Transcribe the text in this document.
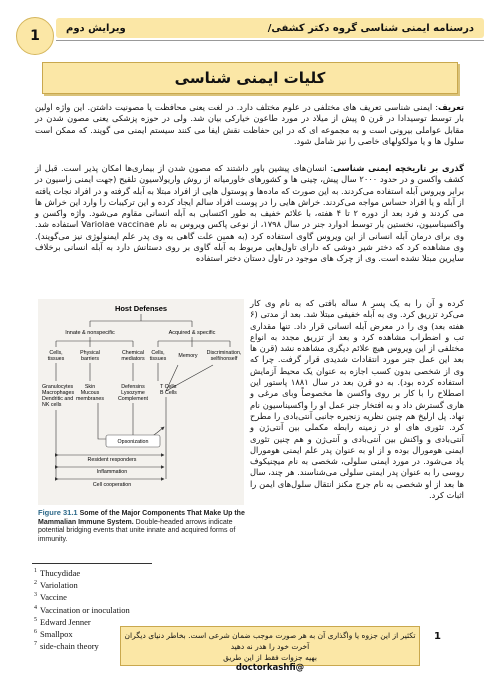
1	درسنامه ایمنی شناسی گروه دکتر کشفی/
ویرایش دوم
کلیات ایمنی شناسی
تعریف: ایمنی شناسی تعریف های مختلفی در علوم مختلف دارد. در لغت یعنی محافظت یا مصونیت داشتن. این واژه اولین بار توسط توسیدادا در قرن ۵ پیش از میلاد در مورد طاعون خیارکی بیان شد. ولی در حوزه پزشکی یعنی مصون شدن در مقابل عواملی بیرونی است و به مجموعه ای که در این حفاظت نقش ایفا می کنند سیستم ایمنی می گویند. که ممکن است سلول ها و یا مولکولهای خاصی را نیز شامل شود.
گذری بر تاریخچه ایمنی شناسی: انسان‌های پیشین باور داشتند که مصون شدن از بیماری‌ها امکان پذیر است. قبل از کشف واکسن و در حدود ۲۰۰۰ سال پیش، چینی ها و کشورهای خاورمیانه از روش واریولاسیون تلقیح (جهت ایمنی زاسیون در برابر ویروس آبله استفاده می‌کردند. به این صورت که ماده‌ها و پوستول هایی از افراد مبتلا به آبله گرفته و در افراد نجات یافته از آبله و یا افراد حساس مواجه می‌کردند. خراش هایی را در پوست افراد سالم ایجاد کرده و این ترکیبات را وارد این خراش ها می کردند و فرد بعد از دوره ۲ تا ۴ هفته، با علائم خفیف به طور اکتسابی به آبله انسانی مقاوم می‌شود. واژه واکسن و واکسیناسیون، نخستین بار توسط ادوارد جنر در سال ۱۷۹۸، از نوعی پاکس ویروس به نام Variolae vaccinae استفاده شد. وی برای درمان آبله انسانی از این ویروس گاوی استفاده کرد (به همین علت گاهی به وی پدر علم ایمنولوژی نیز می‌گویند). وی مشاهده کرد که دختر شیر دوشی که دارای تاول‌هایی مربوط به آبله گاوی بر روی دستانش دارد به آبله انسانی برخلاف سایرین مبتلا نشده است. وی از چرک های موجود در تاول دستان دختر استفاده
کرده و آن را به یک پسر ۸ ساله بافتی که به نام وی کار می‌کرد تزریق کرد. وی به آبله خفیفی مبتلا شد. بعد از مدتی (۶ هفته بعد) وی را در معرض آبله انسانی قرار داد. تنها مقداری تب و اضطراب مشاهده کرد و بعد از تزریق مجدد به انواع مختلفی از این ویروس هیچ علائم دیگری مشاهده نشد (قرن ها بعد این عمل جنر مورد انتقادات شدیدی قرار گرفت. چرا که وی از شخصی بدون کسب اجازه به عنوان یک محیط آزمایش استفاده کرده بود). به دو قرن بعد در سال ۱۸۸۱ پاستور این اصطلاح را با کار بر روی واکسن ها مخصوصاً وبای مرغی و هاری گسترش داد و به افتخار جنر عمل او را واکسیناسیون نام نهاد. پل ارلیخ هم چنین نظریه زنجیره جانبی آنتی‌بادی را مطرح کرد. تئوری های او در زمینه رابطه مکملی بین آنتی‌ژن و آنتی‌بادی و واکنش بین آنتی‌بادی و آنتی‌ژن و هم چنین تئوری ایمنی هومورال بوده و از او به عنوان پدر علم ایمنی هومورال یاد می‌شود. در مورد ایمنی سلولی، شخصی به نام میچنیکوف روسی را به عنوان پدر ایمنی سلولی می‌شناسند. هر چند، سال ها بعد از او شخصی به نام جرج مکنز انتقال سلول‌های ایمن را اثبات کرد.
Host Defenses
Innate & nonspecific	Acquired & specific
Cells,
tissues
Physical
barriers
Chemical
mediators
Cells,
tissues Memory Discrimination,
self/nonself
Granulocytes
Macrophages
Dendritic and
NK cells
Skin
Mucous
membranes
Defensins
Lysozyme
Complement
T Cells
B Cells
Opsonization
Resident responders
Inflammation
Cell cooperation
Figure 31.1 Some of the Major Components That Make Up the Mammalian Immune System. Double-headed arrows indicate potential bridging events that unite innate and acquired forms of immunity.
$^1$ Thucydidae
$^2$ Variolation
$^3$ Vaccine
$^4$ Vaccination or inoculation
$^5$ Edward Jenner
$^6$ Smallpox
$^7$ side-chain theory
1
تکثیر از این جزوه یا واگذاری آن به هر صورت موجب ضمان شرعی است. بخاطر دنیای دیگران آخرت خود را هدر نه دهید
بهیه جزوات فقط از این طریق
@doctorkashfi
